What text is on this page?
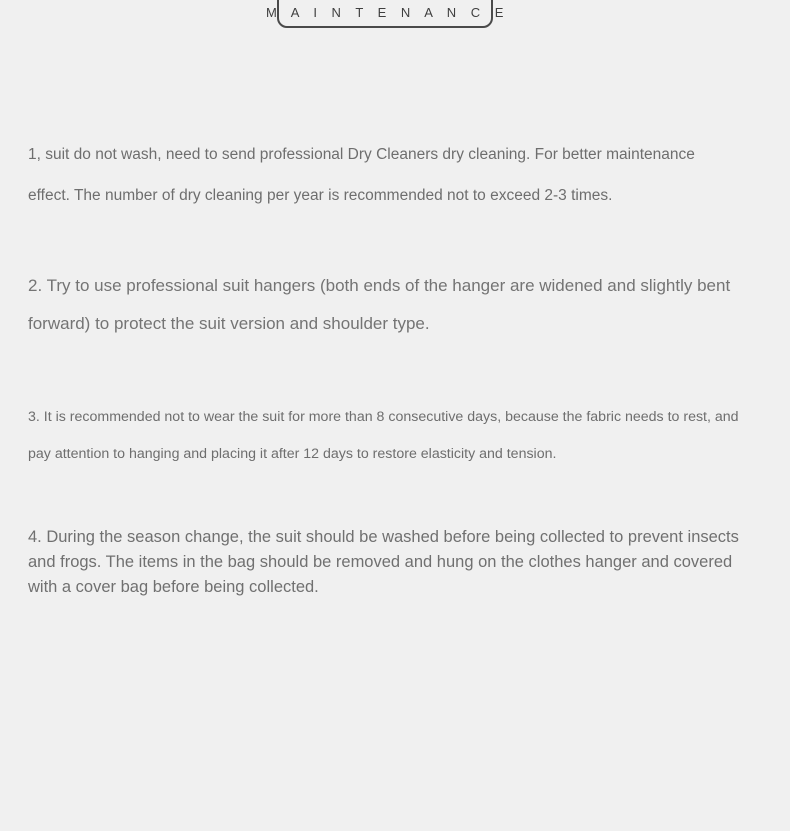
M A I N T E N A N C E

1, suit do not wash, need to send professional Dry Cleaners dry cleaning. For better maintenance effect. The number of dry cleaning per year is recommended not to exceed 2-3 times.

2. Try to use professional suit hangers (both ends of the hanger are widened and slightly bent forward) to protect the suit version and shoulder type.

3. It is recommended not to wear the suit for more than 8 consecutive days, because the fabric needs to rest, and pay attention to hanging and placing it after 12 days to restore elasticity and tension.

4. During the season change, the suit should be washed before being collected to prevent insects and frogs. The items in the bag should be removed and hung on the clothes hanger and covered with a cover bag before being collected.
